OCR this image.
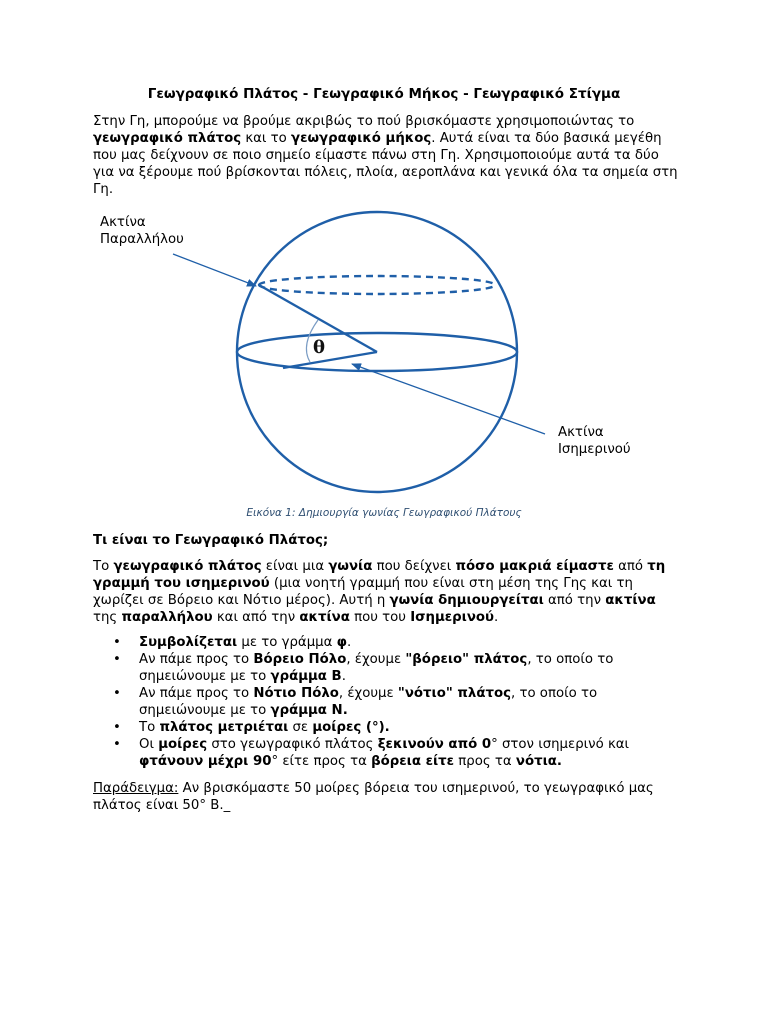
Γεωγραφικό Πλάτος - Γεωγραφικό Μήκος - Γεωγραφικό Στίγμα

Στην Γη, μπορούμε να βρούμε ακριβώς το πού βρισκόμαστε χρησιμοποιώντας το γεωγραφικό πλάτος και το γεωγραφικό μήκος. Αυτά είναι τα δύο βασικά μεγέθη που μας δείχνουν σε ποιο σημείο είμαστε πάνω στη Γη. Χρησιμοποιούμε αυτά τα δύο για να ξέρουμε πού βρίσκονται πόλεις, πλοία, αεροπλάνα και γενικά όλα τα σημεία στη Γη.

θ
Ακτίνα
Παραλλήλου
Ακτίνα
Ισημερινού

Εικόνα 1: Δημιουργία γωνίας Γεωγραφικού Πλάτους

Τι είναι το Γεωγραφικό Πλάτος;

Το γεωγραφικό πλάτος είναι μια γωνία που δείχνει πόσο μακριά είμαστε από τη γραμμή του ισημερινού (μια νοητή γραμμή που είναι στη μέση της Γης και τη χωρίζει σε Βόρειο και Νότιο μέρος). Αυτή η γωνία δημιουργείται από την ακτίνα της παραλλήλου και από την ακτίνα που του Ισημερινού.

• Συμβολίζεται με το γράμμα φ.
• Αν πάμε προς το Βόρειο Πόλο, έχουμε "βόρειο" πλάτος, το οποίο το σημειώνουμε με το γράμμα Β.
• Αν πάμε προς το Νότιο Πόλο, έχουμε "νότιο" πλάτος, το οποίο το σημειώνουμε με το γράμμα Ν.
• Το πλάτος μετριέται σε μοίρες (°).
• Οι μοίρες στο γεωγραφικό πλάτος ξεκινούν από 0° στον ισημερινό και φτάνουν μέχρι 90° είτε προς τα βόρεια είτε προς τα νότια.

Παράδειγμα: Αν βρισκόμαστε 50 μοίρες βόρεια του ισημερινού, το γεωγραφικό μας πλάτος είναι 50° Β._
